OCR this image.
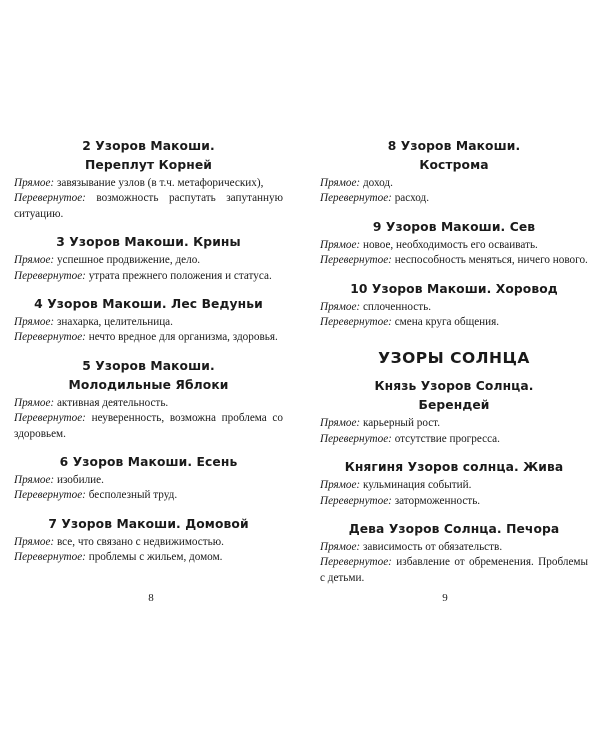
2 Узоров Макоши.
Переплут Корней

Прямое: завязывание узлов (в т.ч. метафорических),

Перевернутое: возможность распутать запутанную ситуацию.

3 Узоров Макоши. Крины

Прямое: успешное продвижение, дело.

Перевернутое: утрата прежнего положения и статуса.

4 Узоров Макоши. Лес Ведуньи

Прямое: знахарка, целительница.

Перевернутое: нечто вредное для организма, здоровья.

5 Узоров Макоши.
Молодильные Яблоки

Прямое: активная деятельность.

Перевернутое: неуверенность, возможна проблема со здоровьем.

6 Узоров Макоши. Есень

Прямое: изобилие.

Перевернутое: бесполезный труд.

7 Узоров Макоши. Домовой

Прямое: все, что связано с недвижимостью.

Перевернутое: проблемы с жильем, домом.

8
8 Узоров Макоши.
Кострома

Прямое: доход.

Перевернутое: расход.

9 Узоров Макоши. Сев

Прямое: новое, необходимость его осваивать.

Перевернутое: неспособность меняться, ничего нового.

10 Узоров Макоши. Хоровод

Прямое: сплоченность.

Перевернутое: смена круга общения.

УЗОРЫ СОЛНЦА
Князь Узоров Солнца.
Берендей

Прямое: карьерный рост.

Перевернутое: отсутствие прогресса.

Княгиня Узоров солнца. Жива

Прямое: кульминация событий.

Перевернутое: заторможенность.

Дева Узоров Солнца. Печора

Прямое: зависимость от обязательств.

Перевернутое: избавление от обременения. Проблемы с детьми.

9
